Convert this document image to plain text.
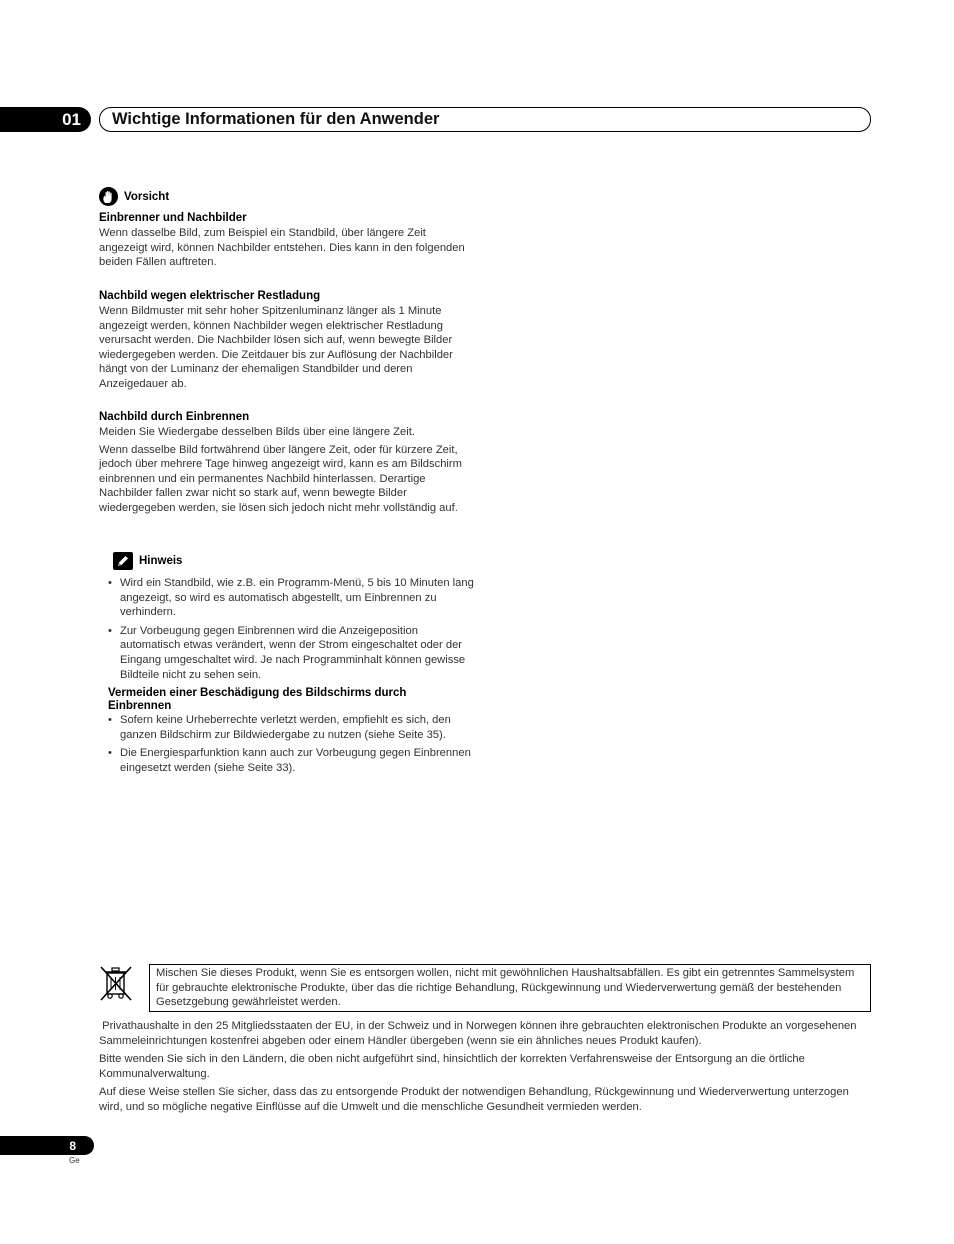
01 Wichtige Informationen für den Anwender
Vorsicht
Einbrenner und Nachbilder

Wenn dasselbe Bild, zum Beispiel ein Standbild, über längere Zeit angezeigt wird, können Nachbilder entstehen. Dies kann in den folgenden beiden Fällen auftreten.

Nachbild wegen elektrischer Restladung

Wenn Bildmuster mit sehr hoher Spitzenluminanz länger als 1 Minute angezeigt werden, können Nachbilder wegen elektrischer Restladung verursacht werden. Die Nachbilder lösen sich auf, wenn bewegte Bilder wiedergegeben werden. Die Zeitdauer bis zur Auflösung der Nachbilder hängt von der Luminanz der ehemaligen Standbilder und deren Anzeigedauer ab.

Nachbild durch Einbrennen

Meiden Sie Wiedergabe desselben Bilds über eine längere Zeit.

Wenn dasselbe Bild fortwährend über längere Zeit, oder für kürzere Zeit, jedoch über mehrere Tage hinweg angezeigt wird, kann es am Bildschirm einbrennen und ein permanentes Nachbild hinterlassen. Derartige Nachbilder fallen zwar nicht so stark auf, wenn bewegte Bilder wiedergegeben werden, sie lösen sich jedoch nicht mehr vollständig auf.

Hinweis
• Wird ein Standbild, wie z.B. ein Programm-Menü, 5 bis 10 Minuten lang angezeigt, so wird es automatisch abgestellt, um Einbrennen zu verhindern.
• Zur Vorbeugung gegen Einbrennen wird die Anzeigeposition automatisch etwas verändert, wenn der Strom eingeschaltet oder der Eingang umgeschaltet wird. Je nach Programminhalt können gewisse Bildteile nicht zu sehen sein.
Vermeiden einer Beschädigung des Bildschirms durch Einbrennen
• Sofern keine Urheberrechte verletzt werden, empfiehlt es sich, den ganzen Bildschirm zur Bildwiedergabe zu nutzen (siehe Seite 35).
• Die Energiesparfunktion kann auch zur Vorbeugung gegen Einbrennen eingesetzt werden (siehe Seite 33).
Mischen Sie dieses Produkt, wenn Sie es entsorgen wollen, nicht mit gewöhnlichen Haushaltsabfällen. Es gibt ein getrenntes Sammelsystem für gebrauchte elektronische Produkte, über das die richtige Behandlung, Rückgewinnung und Wiederverwertung gemäß der bestehenden Gesetzgebung gewährleistet werden.

Privathaushalte in den 25 Mitgliedsstaaten der EU, in der Schweiz und in Norwegen können ihre gebrauchten elektronischen Produkte an vorgesehenen Sammeleinrichtungen kostenfrei abgeben oder einem Händler übergeben (wenn sie ein ähnliches neues Produkt kaufen).

Bitte wenden Sie sich in den Ländern, die oben nicht aufgeführt sind, hinsichtlich der korrekten Verfahrensweise der Entsorgung an die örtliche Kommunalverwaltung.

Auf diese Weise stellen Sie sicher, dass das zu entsorgende Produkt der notwendigen Behandlung, Rückgewinnung und Wiederverwertung unterzogen wird, und so mögliche negative Einflüsse auf die Umwelt und die menschliche Gesundheit vermieden werden.

8
Ge
